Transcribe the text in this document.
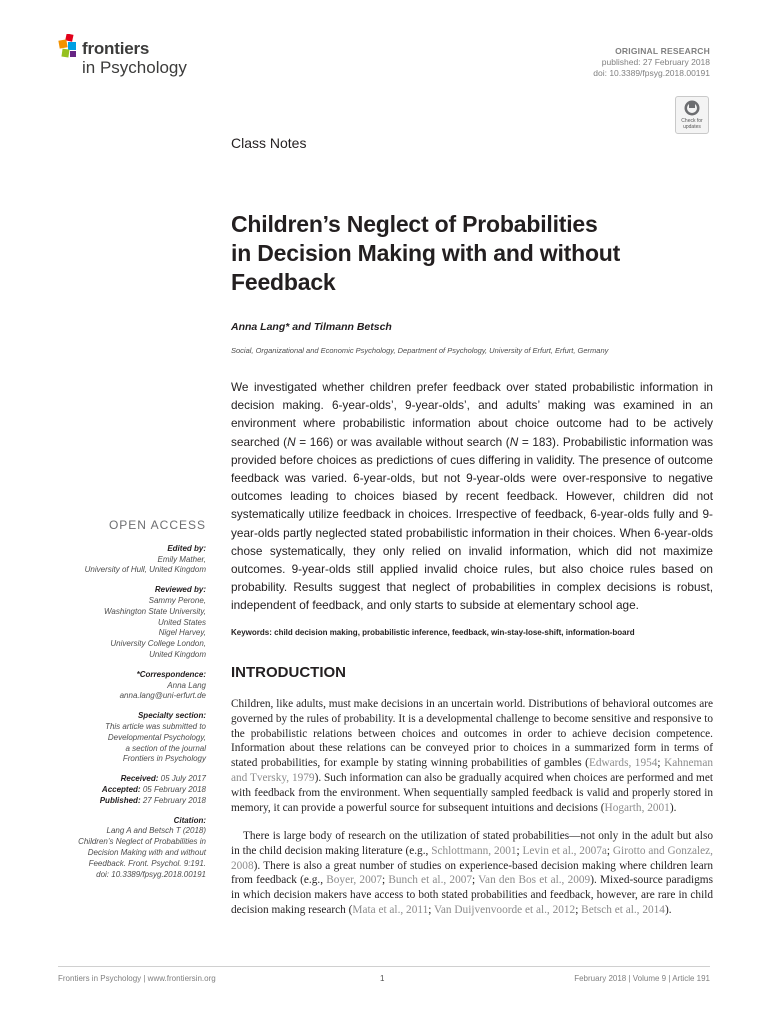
frontiers
in Psychology
ORIGINAL RESEARCH
published: 27 February 2018
doi: 10.3389/fpsyg.2018.00191
Check for updates
Class Notes
Children’s Neglect of Probabilities
in Decision Making with and without
Feedback
Anna Lang* and Tilmann Betsch
Social, Organizational and Economic Psychology, Department of Psychology, University of Erfurt, Erfurt, Germany

We investigated whether children prefer feedback over stated probabilistic information in decision making. 6-year-olds’, 9-year-olds’, and adults’ making was examined in an environment where probabilistic information about choice outcome had to be actively searched (N = 166) or was available without search (N = 183). Probabilistic information was provided before choices as predictions of cues differing in validity. The presence of outcome feedback was varied. 6-year-olds, but not 9-year-olds were over-responsive to negative outcomes leading to choices biased by recent feedback. However, children did not systematically utilize feedback in choices. Irrespective of feedback, 6-year-olds fully and 9-year-olds partly neglected stated probabilistic information in their choices. When 6-year-olds chose systematically, they only relied on invalid information, which did not maximize outcomes. 9-year-olds still applied invalid choice rules, but also choice rules based on probability. Results suggest that neglect of probabilities in complex decisions is robust, independent of feedback, and only starts to subside at elementary school age.

Keywords: child decision making, probabilistic inference, feedback, win-stay-lose-shift, information-board
INTRODUCTION

Children, like adults, must make decisions in an uncertain world. Distributions of behavioral outcomes are governed by the rules of probability. It is a developmental challenge to become sensitive and responsive to the probabilistic relations between choices and outcomes in order to achieve decision competence. Information about these relations can be conveyed prior to choices in a summarized form in terms of stated probabilities, for example by stating winning probabilities of gambles (Edwards, 1954; Kahneman and Tversky, 1979). Such information can also be gradually acquired when choices are performed and met with feedback from the environment. When sequentially sampled feedback is valid and properly stored in memory, it can provide a powerful source for subsequent intuitions and decisions (Hogarth, 2001).

There is large body of research on the utilization of stated probabilities—not only in the adult but also in the child decision making literature (e.g., Schlottmann, 2001; Levin et al., 2007a; Girotto and Gonzalez, 2008). There is also a great number of studies on experience-based decision making where children learn from feedback (e.g., Boyer, 2007; Bunch et al., 2007; Van den Bos et al., 2009). Mixed-source paradigms in which decision makers have access to both stated probabilities and feedback, however, are rare in child decision making research (Mata et al., 2011; Van Duijvenvoorde et al., 2012; Betsch et al., 2014).

OPEN ACCESS
Edited by:
Emily Mather,
University of Hull, United Kingdom
Reviewed by:
Sammy Perone,
Washington State University,
United States
Nigel Harvey,
University College London,
United Kingdom
*Correspondence:
Anna Lang
anna.lang@uni-erfurt.de
Specialty section:
This article was submitted to
Developmental Psychology,
a section of the journal
Frontiers in Psychology
Received: 05 July 2017
Accepted: 05 February 2018
Published: 27 February 2018
Citation:
Lang A and Betsch T (2018)
Children’s Neglect of Probabilities in
Decision Making with and without
Feedback. Front. Psychol. 9:191.
doi: 10.3389/fpsyg.2018.00191
Frontiers in Psychology | www.frontiersin.org	1	February 2018 | Volume 9 | Article 191
